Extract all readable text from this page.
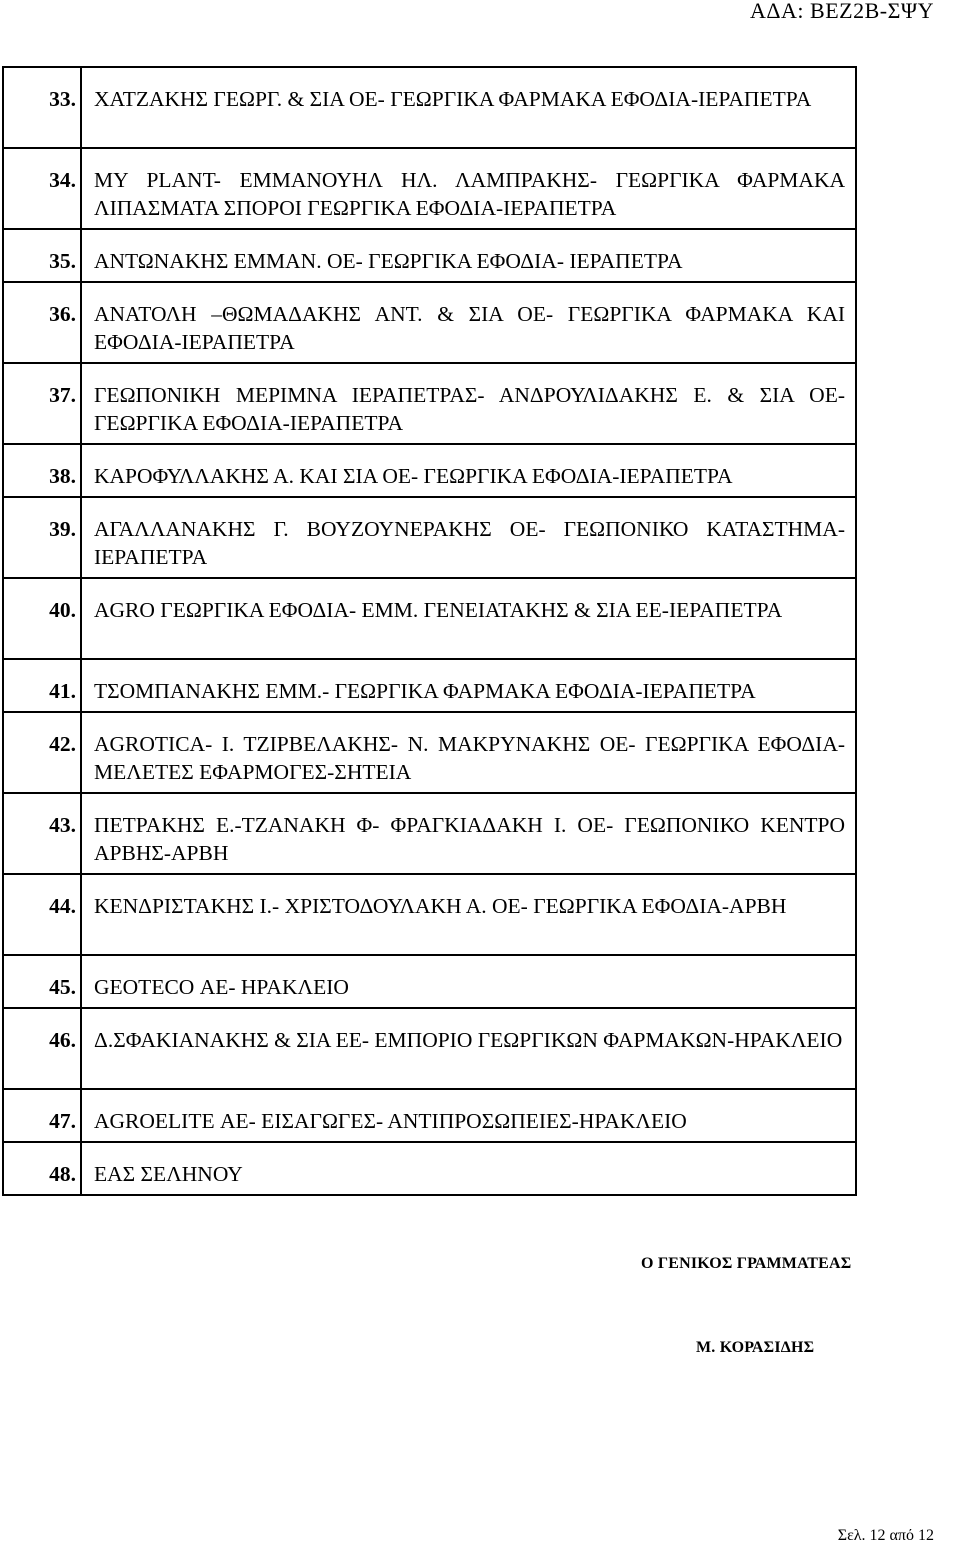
ΑΔΑ: ΒΕΖ2Β-ΣΨΥ
33.	ΧΑΤΖΑΚΗΣ ΓΕΩΡΓ. & ΣΙΑ ΟΕ- ΓΕΩΡΓΙΚΑ ΦΑΡΜΑΚΑ ΕΦΟΔΙΑ-ΙΕΡΑΠΕΤΡΑ
34.	MY PLANT- ΕΜΜΑΝΟΥΗΛ ΗΛ. ΛΑΜΠΡΑΚΗΣ- ΓΕΩΡΓΙΚΑ ΦΑΡΜΑΚΑ ΛΙΠΑΣΜΑΤΑ ΣΠΟΡΟΙ ΓΕΩΡΓΙΚΑ ΕΦΟΔΙΑ-ΙΕΡΑΠΕΤΡΑ
35.	ΑΝΤΩΝΑΚΗΣ ΕΜΜΑΝ. ΟΕ- ΓΕΩΡΓΙΚΑ ΕΦΟΔΙΑ- ΙΕΡΑΠΕΤΡΑ
36.	ΑΝΑΤΟΛΗ –ΘΩΜΑΔΑΚΗΣ ΑΝΤ. & ΣΙΑ ΟΕ- ΓΕΩΡΓΙΚΑ ΦΑΡΜΑΚΑ ΚΑΙ ΕΦΟΔΙΑ-ΙΕΡΑΠΕΤΡΑ
37.	ΓΕΩΠΟΝΙΚΗ ΜΕΡΙΜΝΑ ΙΕΡΑΠΕΤΡΑΣ- ΑΝΔΡΟΥΛΙΔΑΚΗΣ Ε. & ΣΙΑ ΟΕ- ΓΕΩΡΓΙΚΑ ΕΦΟΔΙΑ-ΙΕΡΑΠΕΤΡΑ
38.	ΚΑΡΟΦΥΛΛΑΚΗΣ Α. ΚΑΙ ΣΙΑ ΟΕ- ΓΕΩΡΓΙΚΑ ΕΦΟΔΙΑ-ΙΕΡΑΠΕΤΡΑ
39.	ΑΓΑΛΛΑΝΑΚΗΣ Γ. ΒΟΥΖΟΥΝΕΡΑΚΗΣ ΟΕ- ΓΕΩΠΟΝΙΚΟ ΚΑΤΑΣΤΗΜΑ-ΙΕΡΑΠΕΤΡΑ
40.	AGRO ΓΕΩΡΓΙΚΑ ΕΦΟΔΙΑ- ΕΜΜ. ΓΕΝΕΙΑΤΑΚΗΣ & ΣΙΑ ΕΕ-ΙΕΡΑΠΕΤΡΑ
41.	ΤΣΟΜΠΑΝΑΚΗΣ ΕΜΜ.- ΓΕΩΡΓΙΚΑ ΦΑΡΜΑΚΑ ΕΦΟΔΙΑ-ΙΕΡΑΠΕΤΡΑ
42.	AGROTICA- Ι. ΤΖΙΡΒΕΛΑΚΗΣ- Ν. ΜΑΚΡΥΝΑΚΗΣ ΟΕ- ΓΕΩΡΓΙΚΑ ΕΦΟΔΙΑ-ΜΕΛΕΤΕΣ ΕΦΑΡΜΟΓΕΣ-ΣΗΤΕΙΑ
43.	ΠΕΤΡΑΚΗΣ Ε.-ΤΖΑΝΑΚΗ Φ- ΦΡΑΓΚΙΑΔΑΚΗ Ι. ΟΕ- ΓΕΩΠΟΝΙΚΟ ΚΕΝΤΡΟ ΑΡΒΗΣ-ΑΡΒΗ
44.	ΚΕΝΔΡΙΣΤΑΚΗΣ Ι.- ΧΡΙΣΤΟΔΟΥΛΑΚΗ Α. ΟΕ- ΓΕΩΡΓΙΚΑ ΕΦΟΔΙΑ-ΑΡΒΗ
45.	GEOTECO ΑΕ- ΗΡΑΚΛΕΙΟ
46.	Δ.ΣΦΑΚΙΑΝΑΚΗΣ & ΣΙΑ ΕΕ- ΕΜΠΟΡΙΟ ΓΕΩΡΓΙΚΩΝ ΦΑΡΜΑΚΩΝ-ΗΡΑΚΛΕΙΟ
47.	AGROELITE ΑΕ- ΕΙΣΑΓΩΓΕΣ- ΑΝΤΙΠΡΟΣΩΠΕΙΕΣ-ΗΡΑΚΛΕΙΟ
48.	ΕΑΣ ΣΕΛΗΝΟΥ
Ο ΓΕΝΙΚΟΣ ΓΡΑΜΜΑΤΕΑΣ
Μ. ΚΟΡΑΣΙΔΗΣ
Σελ. 12 από 12
